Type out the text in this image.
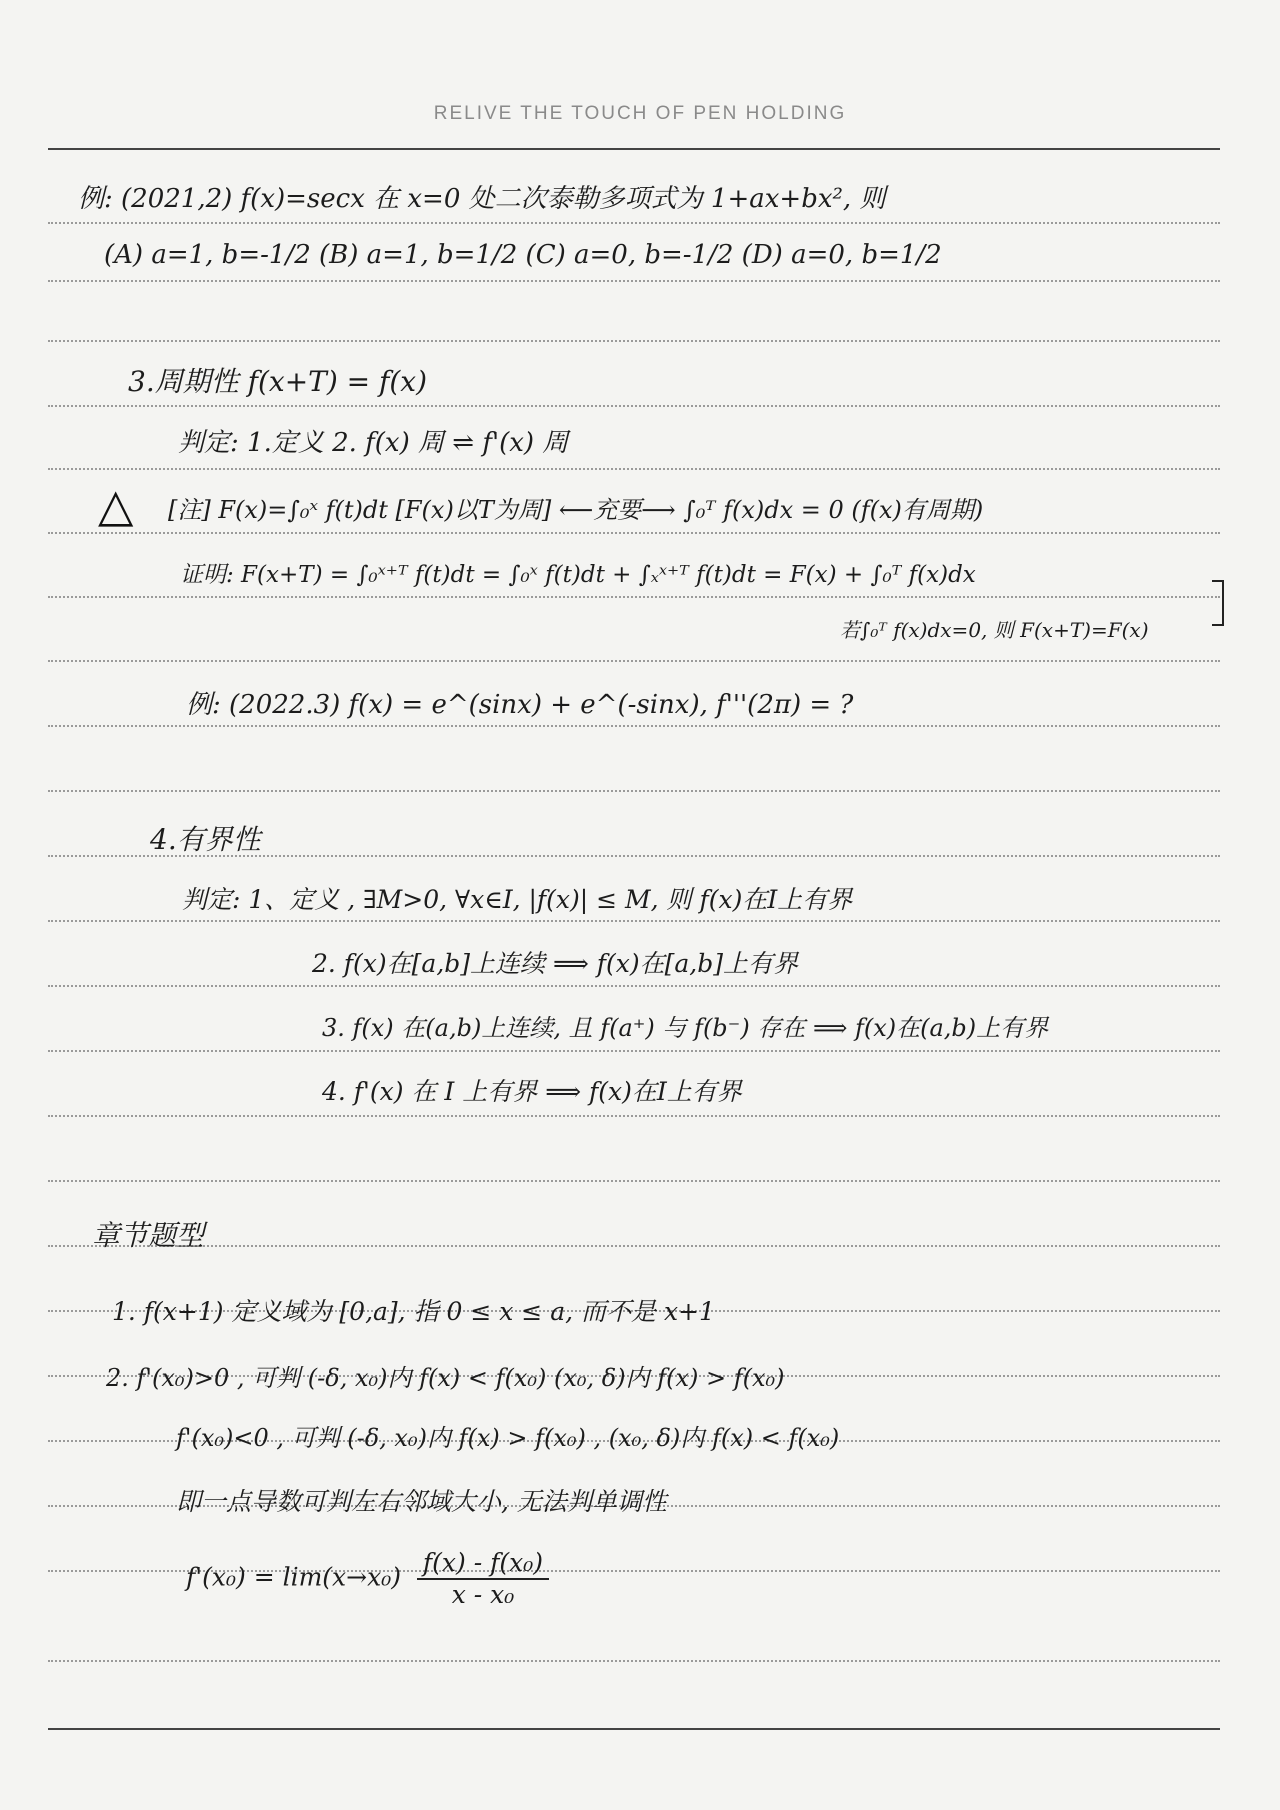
RELIVE THE TOUCH OF PEN HOLDING
例: (2021,2) f(x)=secx 在 x=0 处二次泰勒多项式为 1+ax+bx², 则
(A) a=1, b=-1/2 (B) a=1, b=1/2 (C) a=0, b=-1/2 (D) a=0, b=1/2
3.周期性 f(x+T) = f(x)
判定: 1.定义 2. f(x) 周 ⇌ f'(x) 周
△ [注] F(x)=∫₀ˣ f(t)dt [F(x)以T为周] ⟵充要⟶ ∫₀ᵀ f(x)dx = 0 (f(x)有周期)
证明: F(x+T) = ∫₀ˣ⁺ᵀ f(t)dt = ∫₀ˣ f(t)dt + ∫ₓˣ⁺ᵀ f(t)dt = F(x) + ∫₀ᵀ f(x)dx
若∫₀ᵀ f(x)dx=0, 则 F(x+T)=F(x)
例: (2022.3) f(x) = e^(sinx) + e^(-sinx), f'''(2π) = ?
4.有界性
判定: 1、定义 , ∃M>0, ∀x∈I, |f(x)| ≤ M, 则 f(x)在I上有界
2. f(x)在[a,b]上连续 ⟹ f(x)在[a,b]上有界
3. f(x) 在(a,b)上连续, 且 f(a⁺) 与 f(b⁻) 存在 ⟹ f(x)在(a,b)上有界
4. f'(x) 在 I 上有界 ⟹ f(x)在I上有界
章节题型
1. f(x+1) 定义域为 [0,a], 指 0 ≤ x ≤ a, 而不是 x+1
2. f'(x₀)>0 , 可判 (-δ, x₀)内 f(x) < f(x₀) (x₀, δ)内 f(x) > f(x₀)
f'(x₀)<0 , 可判 (-δ, x₀)内 f(x) > f(x₀) , (x₀, δ)内 f(x) < f(x₀)
即一点导数可判左右邻域大小, 无法判单调性
$f'(x_0) = \lim(x\to x_0) \frac{\text{f(x) - f(x₀)}}{\text{x - x₀}}$
